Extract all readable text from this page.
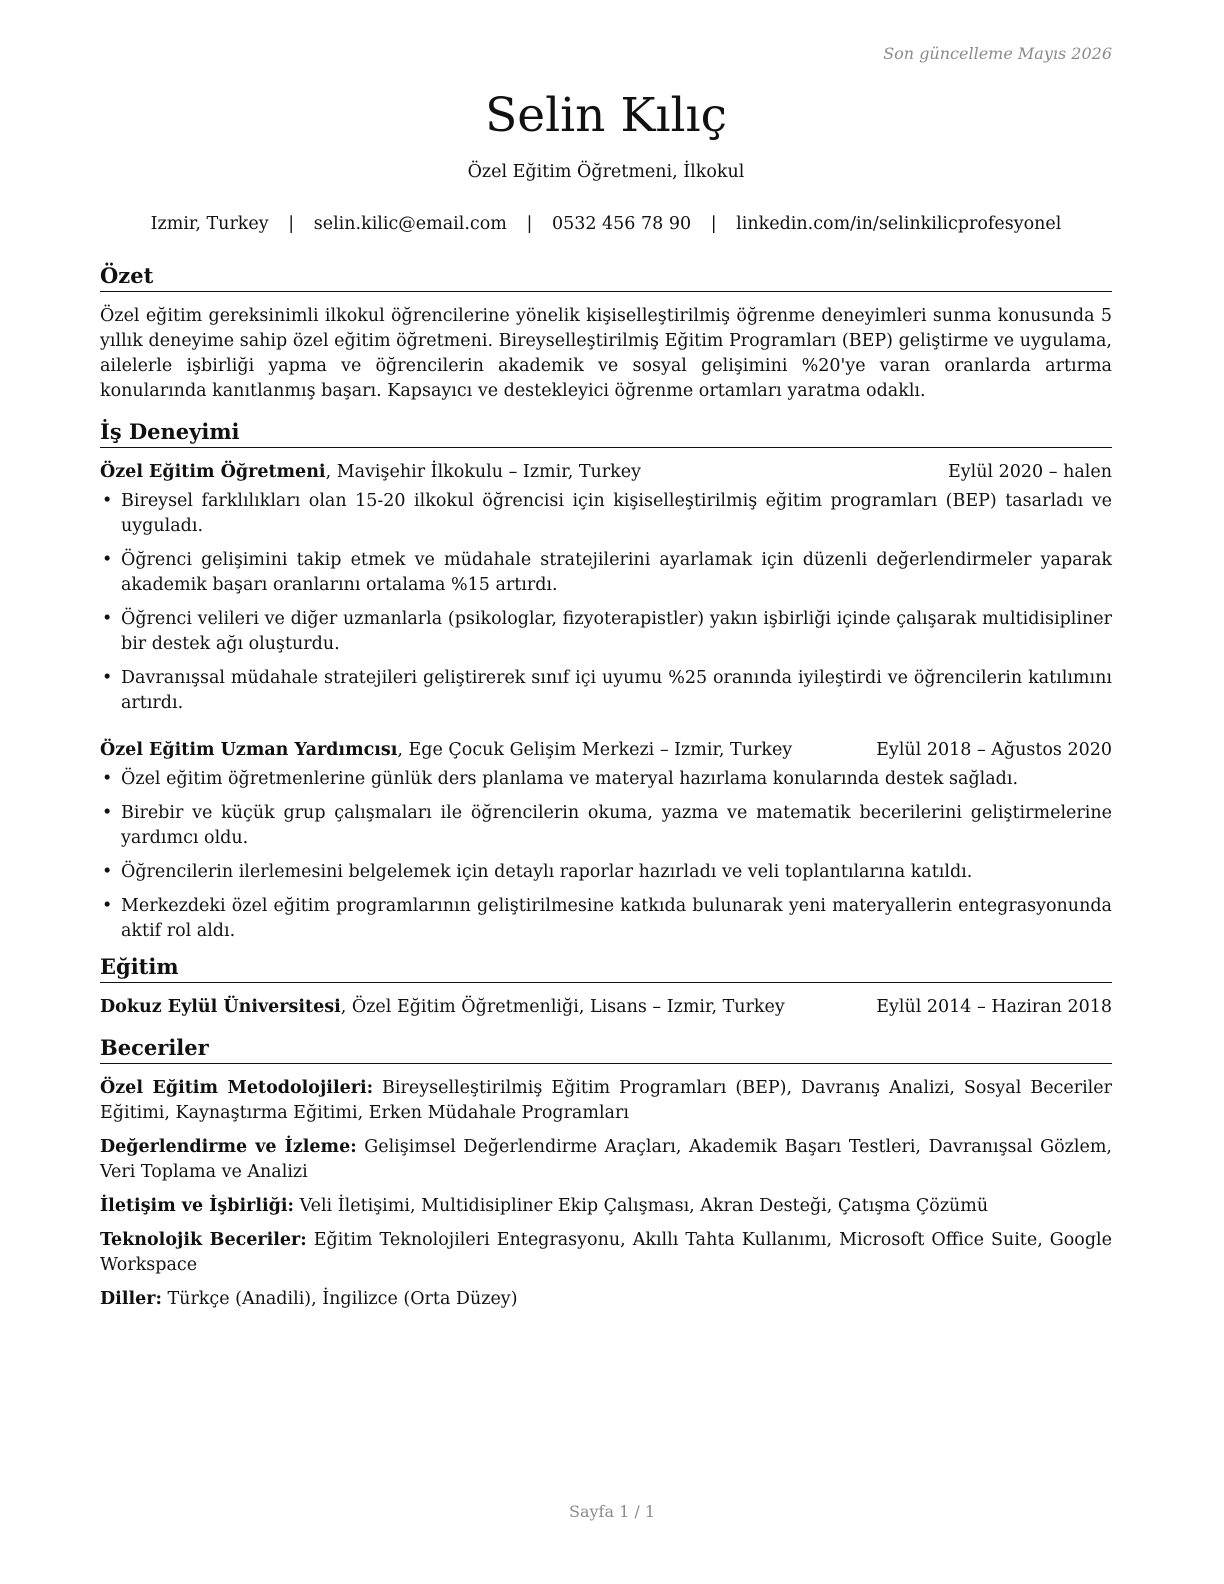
Son güncelleme Mayıs 2026
Selin Kılıç
Özel Eğitim Öğretmeni, İlkokul
Izmir, Turkey | selin.kilic@email.com | 0532 456 78 90 | linkedin.com/in/selinkilicprofesyonel
Özet
Özel eğitim gereksinimli ilkokul öğrencilerine yönelik kişiselleştirilmiş öğrenme deneyimleri sunma konusunda 5 yıllık deneyime sahip özel eğitim öğretmeni. Bireyselleştirilmiş Eğitim Programları (BEP) geliştirme ve uygulama, ailelerle işbirliği yapma ve öğrencilerin akademik ve sosyal gelişimini %20'ye varan oranlarda artırma konularında kanıtlanmış başarı. Kapsayıcı ve destekleyici öğrenme ortamları yaratma odaklı.
İş Deneyimi
Özel Eğitim Öğretmeni, Mavişehir İlkokulu – Izmir, Turkey	Eylül 2020 – halen
• Bireysel farklılıkları olan 15-20 ilkokul öğrencisi için kişiselleştirilmiş eğitim programları (BEP) tasarladı ve uyguladı.
• Öğrenci gelişimini takip etmek ve müdahale stratejilerini ayarlamak için düzenli değerlendirmeler yaparak akademik başarı oranlarını ortalama %15 artırdı.
• Öğrenci velileri ve diğer uzmanlarla (psikologlar, fizyoterapistler) yakın işbirliği içinde çalışarak multidisipliner bir destek ağı oluşturdu.
• Davranışsal müdahale stratejileri geliştirerek sınıf içi uyumu %25 oranında iyileştirdi ve öğrencilerin katılımını artırdı.
Özel Eğitim Uzman Yardımcısı, Ege Çocuk Gelişim Merkezi – Izmir, Turkey	Eylül 2018 – Ağustos 2020
• Özel eğitim öğretmenlerine günlük ders planlama ve materyal hazırlama konularında destek sağladı.
• Birebir ve küçük grup çalışmaları ile öğrencilerin okuma, yazma ve matematik becerilerini geliştirmelerine yardımcı oldu.
• Öğrencilerin ilerlemesini belgelemek için detaylı raporlar hazırladı ve veli toplantılarına katıldı.
• Merkezdeki özel eğitim programlarının geliştirilmesine katkıda bulunarak yeni materyallerin entegrasyonunda aktif rol aldı.
Eğitim
Dokuz Eylül Üniversitesi, Özel Eğitim Öğretmenliği, Lisans – Izmir, Turkey	Eylül 2014 – Haziran 2018
Beceriler
Özel Eğitim Metodolojileri: Bireyselleştirilmiş Eğitim Programları (BEP), Davranış Analizi, Sosyal Beceriler Eğitimi, Kaynaştırma Eğitimi, Erken Müdahale Programları
Değerlendirme ve İzleme: Gelişimsel Değerlendirme Araçları, Akademik Başarı Testleri, Davranışsal Gözlem, Veri Toplama ve Analizi
İletişim ve İşbirliği: Veli İletişimi, Multidisipliner Ekip Çalışması, Akran Desteği, Çatışma Çözümü
Teknolojik Beceriler: Eğitim Teknolojileri Entegrasyonu, Akıllı Tahta Kullanımı, Microsoft Office Suite, Google Workspace
Diller: Türkçe (Anadili), İngilizce (Orta Düzey)
Sayfa 1 / 1
